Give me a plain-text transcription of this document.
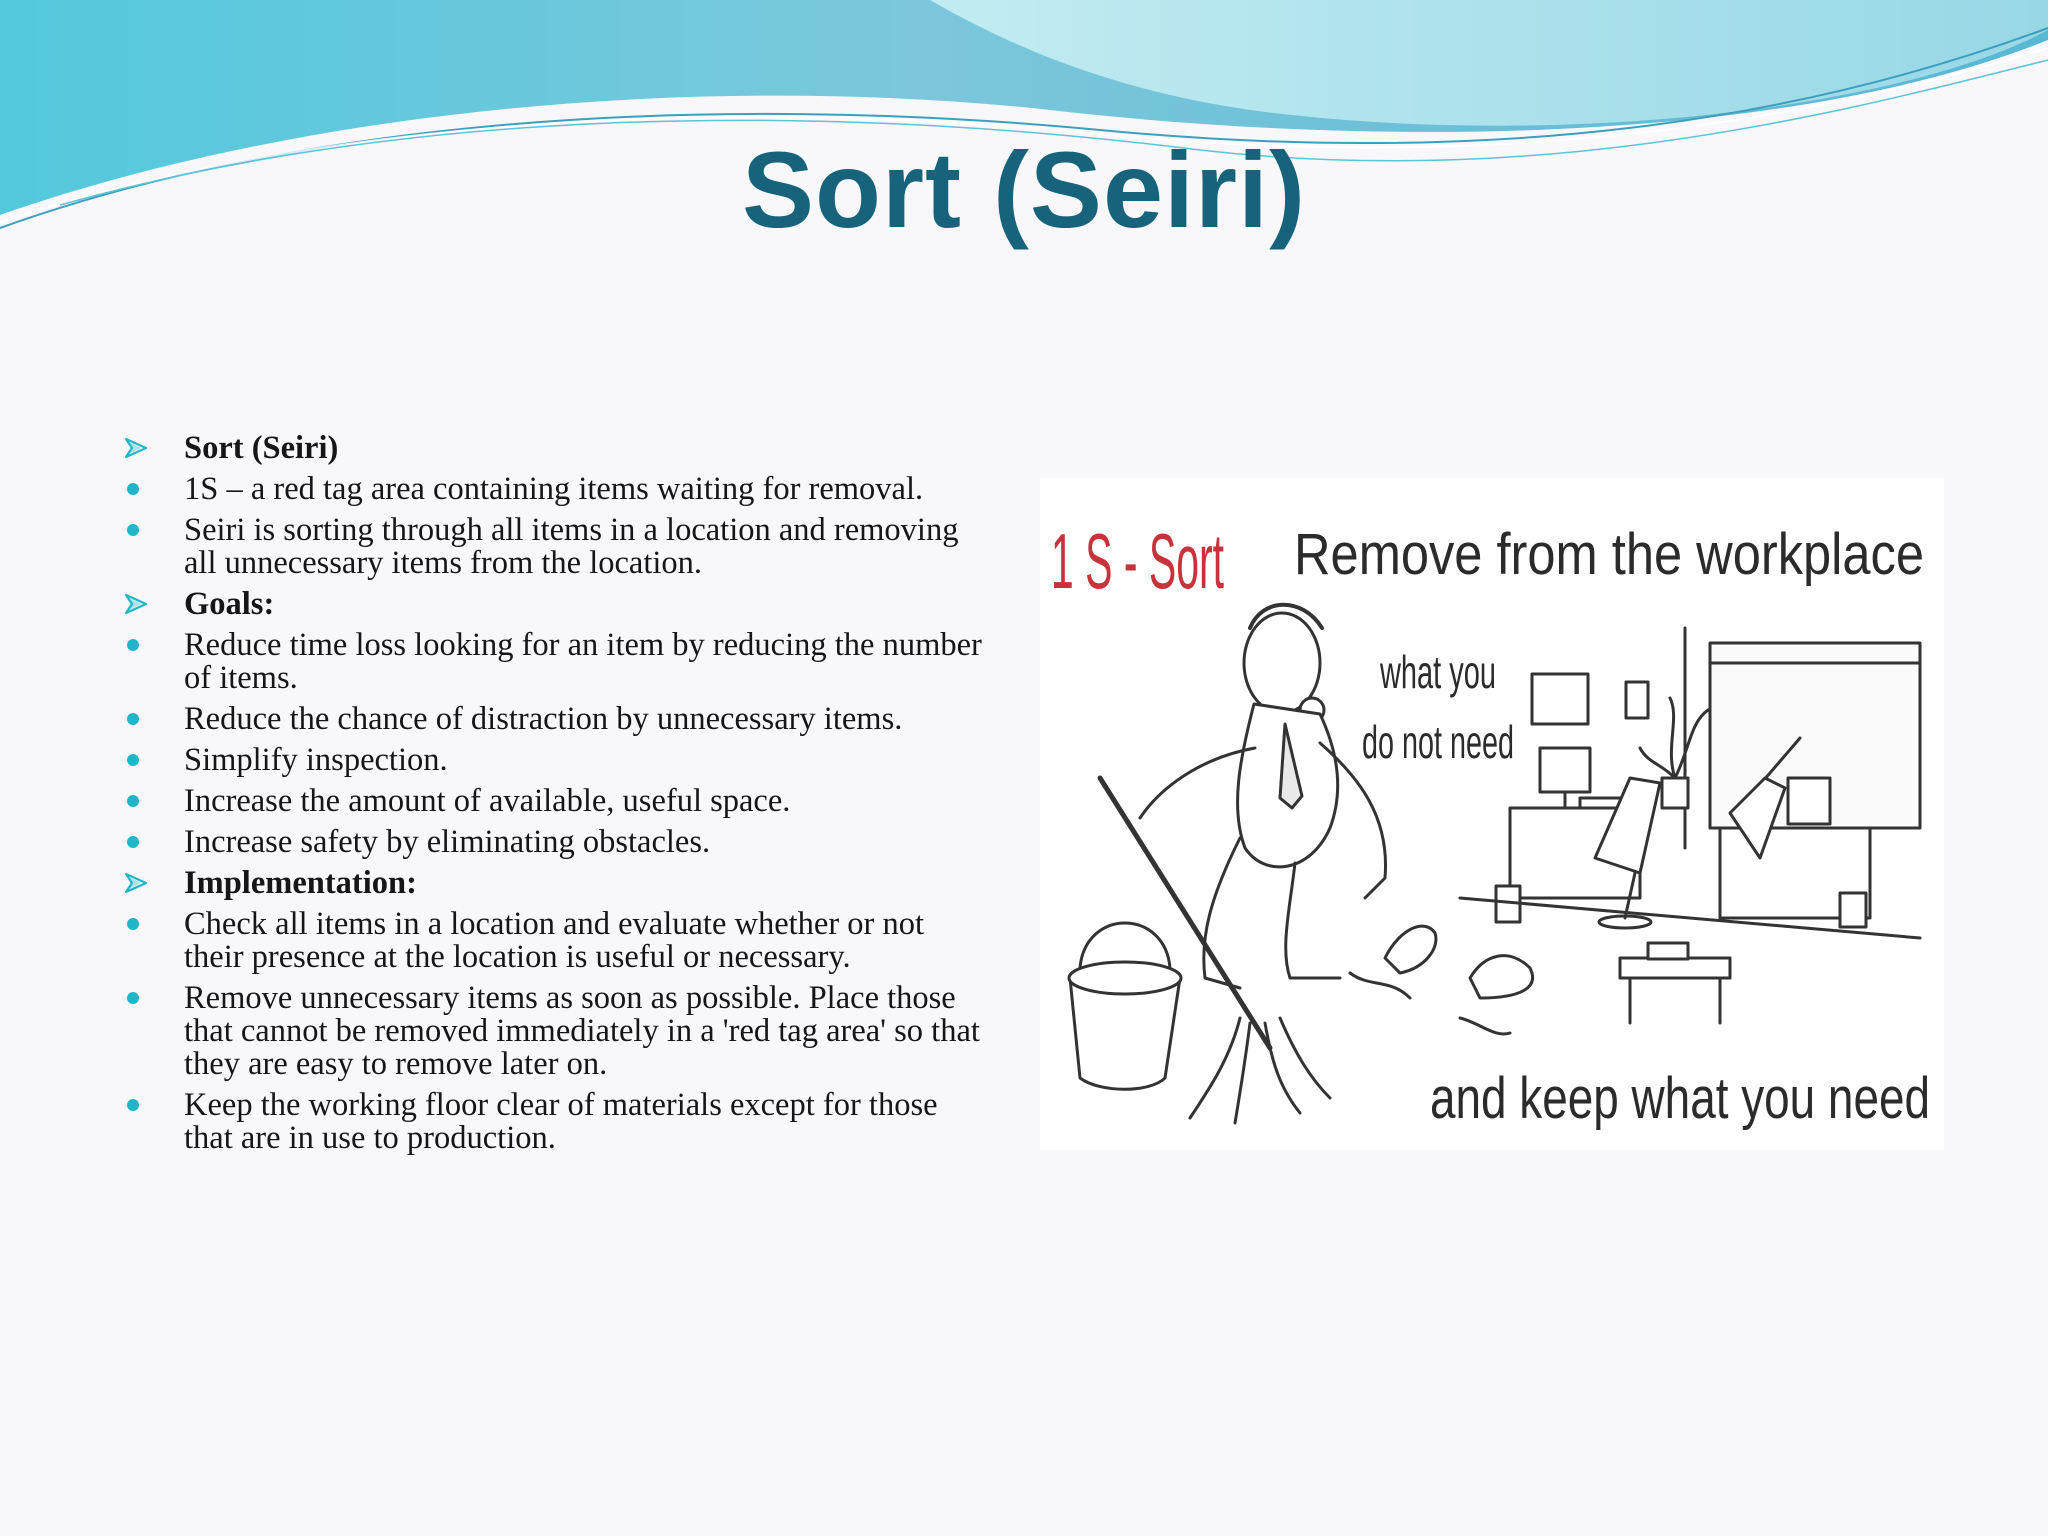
Sort (Seiri)
Sort (Seiri)
1S – a red tag area containing items waiting for removal.
Seiri is sorting through all items in a location and removing all unnecessary items from the location.
Goals:
Reduce time loss looking for an item by reducing the number of items.
Reduce the chance of distraction by unnecessary items.
Simplify inspection.
Increase the amount of available, useful space.
Increase safety by eliminating obstacles.
Implementation:
Check all items in a location and evaluate whether or not their presence at the location is useful or necessary.
Remove unnecessary items as soon as possible. Place those that cannot be removed immediately in a 'red tag area' so that they are easy to remove later on.
Keep the working floor clear of materials except for those that are in use to production.
1 S - Sort Remove from the workplace
what you
do not need
and keep what you need
